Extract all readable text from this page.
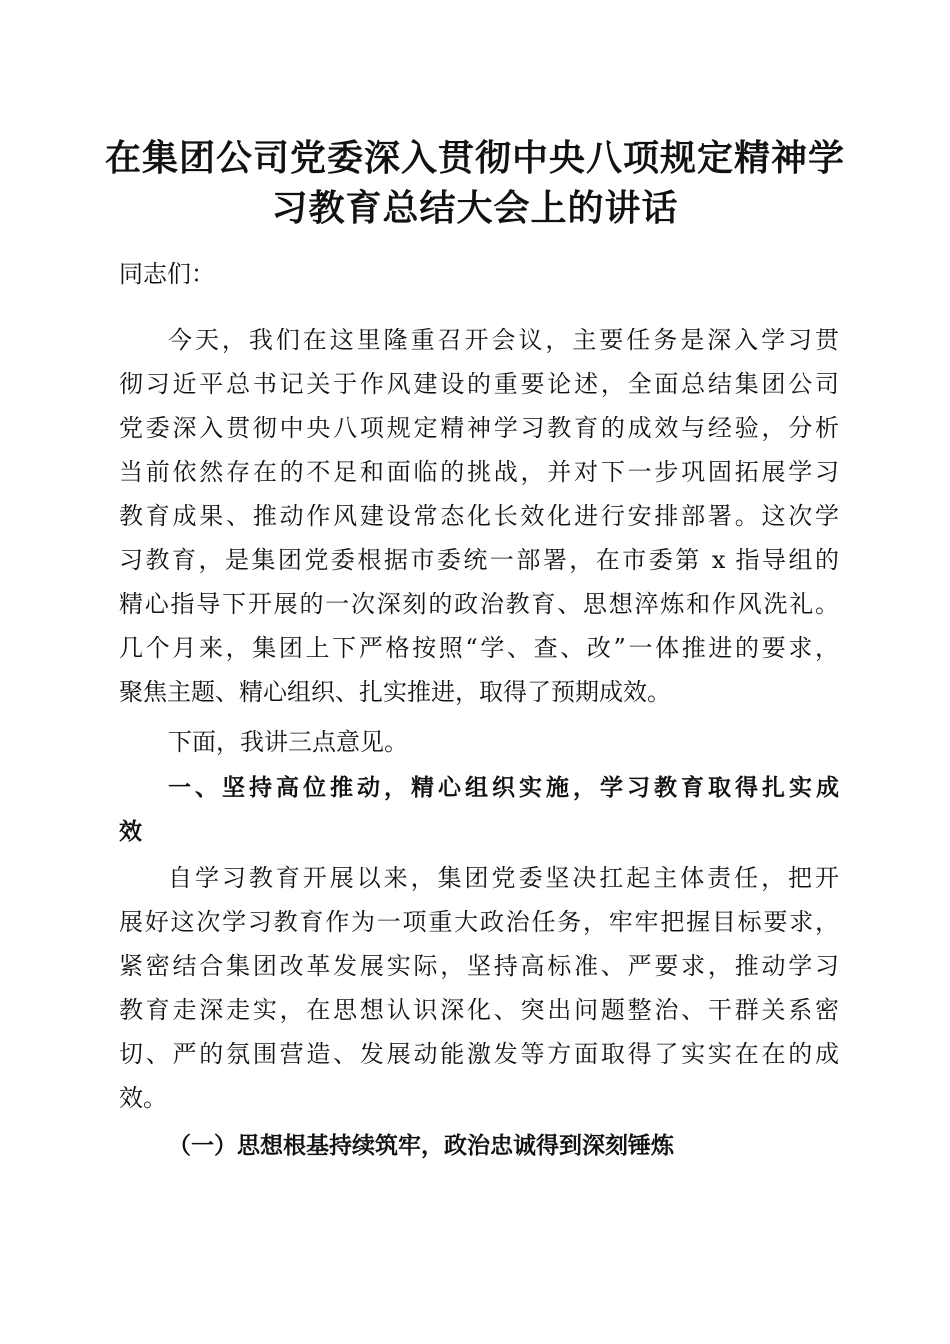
在集团公司党委深入贯彻中央八项规定精神学
习教育总结大会上的讲话

同志们：

今天，我们在这里隆重召开会议，主要任务是深入学习贯

彻习近平总书记关于作风建设的重要论述，全面总结集团公司

党委深入贯彻中央八项规定精神学习教育的成效与经验，分析

当前依然存在的不足和面临的挑战，并对下一步巩固拓展学习

教育成果、推动作风建设常态化长效化进行安排部署。这次学

习教育，是集团党委根据市委统一部署，在市委第 x 指导组的

精心指导下开展的一次深刻的政治教育、思想淬炼和作风洗礼。

几个月来，集团上下严格按照“学、查、改”一体推进的要求，

聚焦主题、精心组织、扎实推进，取得了预期成效。

下面，我讲三点意见。

一、坚持高位推动，精心组织实施，学习教育取得扎实成

效

自学习教育开展以来，集团党委坚决扛起主体责任，把开

展好这次学习教育作为一项重大政治任务，牢牢把握目标要求，

紧密结合集团改革发展实际，坚持高标准、严要求，推动学习

教育走深走实，在思想认识深化、突出问题整治、干群关系密

切、严的氛围营造、发展动能激发等方面取得了实实在在的成

效。

（一）思想根基持续筑牢，政治忠诚得到深刻锤炼
